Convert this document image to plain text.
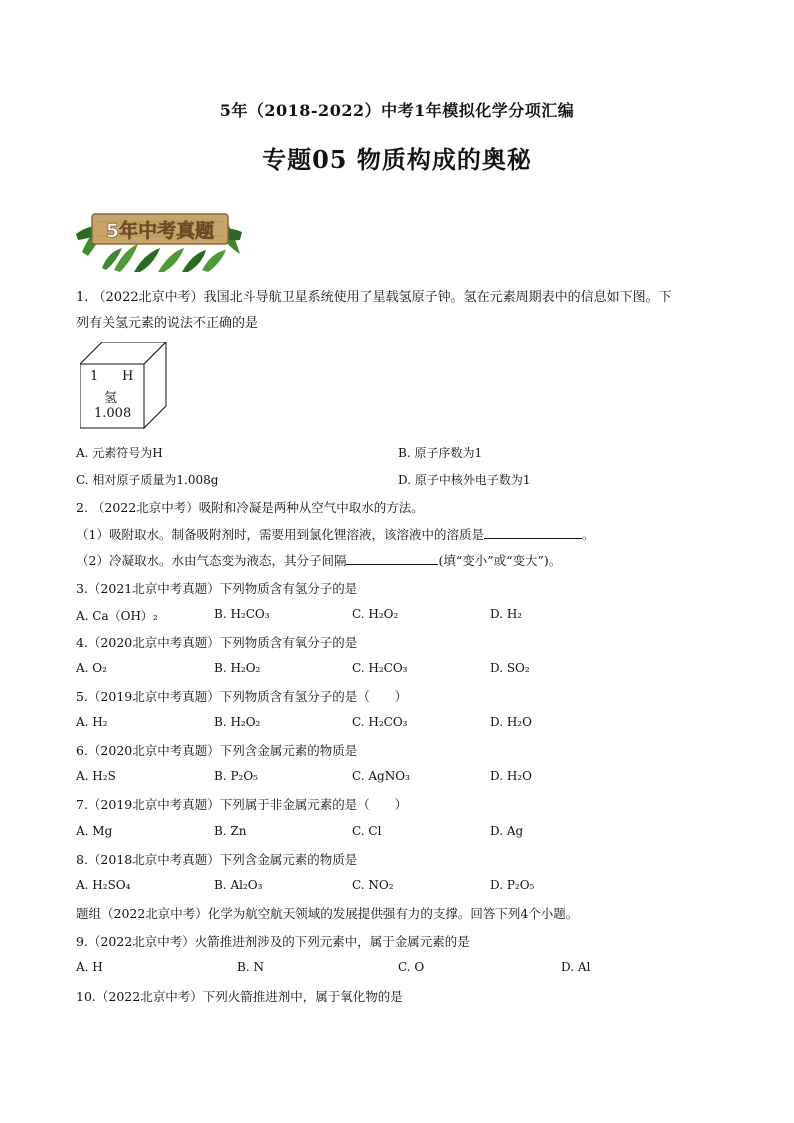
5年（2018-2022）中考1年模拟化学分项汇编
专题05 物质构成的奥秘
5年中考真题
1. （2022北京中考）我国北斗导航卫星系统使用了星载氢原子钟。氢在元素周期表中的信息如下图。下
列有关氢元素的说法不正确的是
1 H
氢
1.008
A. 元素符号为H	B. 原子序数为1
C. 相对原子质量为1.008g	D. 原子中核外电子数为1
2. （2022北京中考）吸附和冷凝是两种从空气中取水的方法。
（1）吸附取水。制备吸附剂时，需要用到氯化锂溶液，该溶液中的溶质是	。
（2）冷凝取水。水由气态变为液态，其分子间隔	(填“变小”或“变大”)。
3.（2021北京中考真题）下列物质含有氢分子的是
A. Ca（OH）₂	B. H₂CO₃	C. H₂O₂	D. H₂
4.（2020北京中考真题）下列物质含有氧分子的是
A. O₂	B. H₂O₂	C. H₂CO₃	D. SO₂
5.（2019北京中考真题）下列物质含有氢分子的是（　　）
A. H₂	B. H₂O₂	C. H₂CO₃	D. H₂O
6.（2020北京中考真题）下列含金属元素的物质是
A. H₂S	B. P₂O₅	C. AgNO₃	D. H₂O
7.（2019北京中考真题）下列属于非金属元素的是（　　）
A. Mg	B. Zn	C. Cl	D. Ag
8.（2018北京中考真题）下列含金属元素的物质是
A. H₂SO₄	B. Al₂O₃	C. NO₂	D. P₂O₅
题组（2022北京中考）化学为航空航天领域的发展提供强有力的支撑。回答下列4个小题。
9.（2022北京中考）火箭推进剂涉及的下列元素中，属于金属元素的是
A. H	B. N	C. O	D. Al
10.（2022北京中考）下列火箭推进剂中，属于氧化物的是
